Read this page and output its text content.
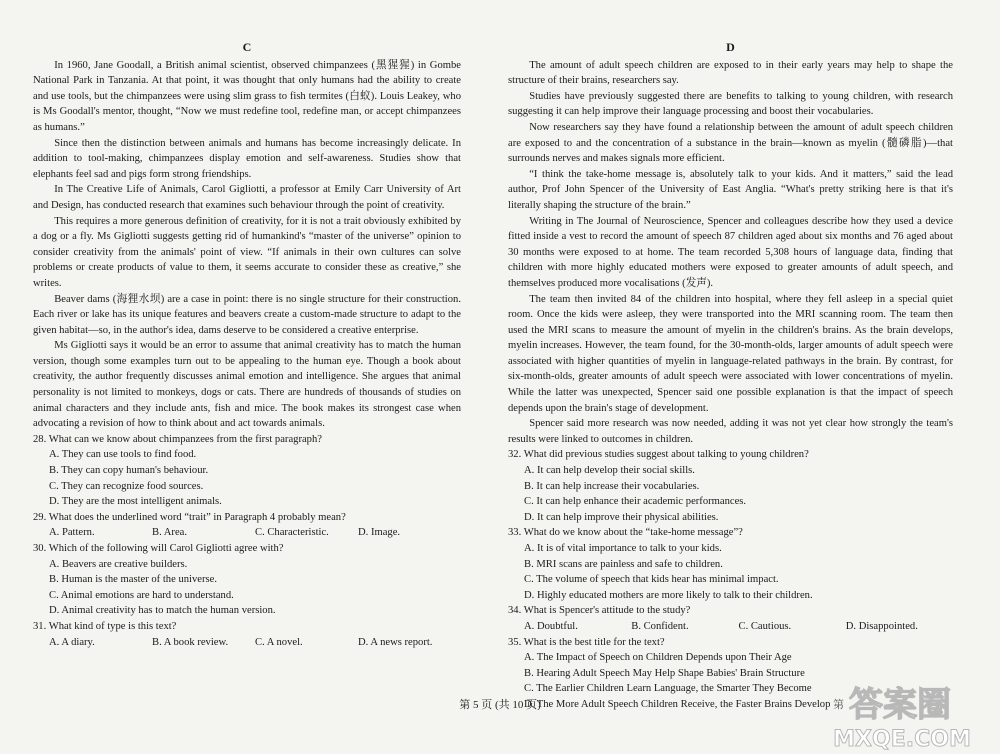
C

In 1960, Jane Goodall, a British animal scientist, observed chimpanzees (黑猩猩) in Gombe National Park in Tanzania. At that point, it was thought that only humans had the ability to create and use tools, but the chimpanzees were using slim grass to fish termites (白蚁). Louis Leakey, who is Ms Goodall's mentor, thought, “Now we must redefine tool, redefine man, or accept chimpanzees as humans.”

Since then the distinction between animals and humans has become increasingly delicate. In addition to tool-making, chimpanzees display emotion and self-awareness. Studies show that elephants feel sad and pigs form strong friendships.

In The Creative Life of Animals, Carol Gigliotti, a professor at Emily Carr University of Art and Design, has conducted research that examines such behaviour through the point of creativity.

This requires a more generous definition of creativity, for it is not a trait obviously exhibited by a dog or a fly. Ms Gigliotti suggests getting rid of humankind's “master of the universe” opinion to consider creativity from the animals' point of view. “If animals in their own cultures can solve problems or create products of value to them, it seems accurate to consider these as creative,” she writes.

Beaver dams (海狸水坝) are a case in point: there is no single structure for their construction. Each river or lake has its unique features and beavers create a custom-made structure to adapt to the given habitat—so, in the author's idea, dams deserve to be considered a creative enterprise.

Ms Gigliotti says it would be an error to assume that animal creativity has to match the human version, though some examples turn out to be appealing to the human eye. Though a book about creativity, the author frequently discusses animal emotion and intelligence. She argues that animal personality is not limited to monkeys, dogs or cats. There are hundreds of thousands of studies on animal characters and they include ants, fish and mice. The book makes its strongest case when advocating a revision of how to think about and act towards animals.

28. What can we know about chimpanzees from the first paragraph?

A. They can use tools to find food.

B. They can copy human's behaviour.

C. They can recognize food sources.

D. They are the most intelligent animals.

29. What does the underlined word “trait” in Paragraph 4 probably mean?

A. Pattern.	B. Area.	C. Characteristic.	D. Image.

30. Which of the following will Carol Gigliotti agree with?

A. Beavers are creative builders.

B. Human is the master of the universe.

C. Animal emotions are hard to understand.

D. Animal creativity has to match the human version.

31. What kind of type is this text?

A. A diary.	B. A book review.	C. A novel.	D. A news report.
D

The amount of adult speech children are exposed to in their early years may help to shape the structure of their brains, researchers say.

Studies have previously suggested there are benefits to talking to young children, with research suggesting it can help improve their language processing and boost their vocabularies.

Now researchers say they have found a relationship between the amount of adult speech children are exposed to and the concentration of a substance in the brain—known as myelin (髓磷脂)—that surrounds nerves and makes signals more efficient.

“I think the take-home message is, absolutely talk to your kids. And it matters,” said the lead author, Prof John Spencer of the University of East Anglia. “What's pretty striking here is that it's literally shaping the structure of the brain.”

Writing in The Journal of Neuroscience, Spencer and colleagues describe how they used a device fitted inside a vest to record the amount of speech 87 children aged about six months and 76 aged about 30 months were exposed to at home. The team recorded 5,308 hours of language data, finding that children with more highly educated mothers were exposed to greater amounts of adult speech, and themselves produced more vocalisations (发声).

The team then invited 84 of the children into hospital, where they fell asleep in a special quiet room. Once the kids were asleep, they were transported into the MRI scanning room. The team then used the MRI scans to measure the amount of myelin in the children's brains. As the brain develops, myelin increases. However, the team found, for the 30-month-olds, larger amounts of adult speech were associated with higher quantities of myelin in language-related pathways in the brain. By contrast, for six-month-olds, greater amounts of adult speech were associated with lower concentrations of myelin. While the latter was unexpected, Spencer said one possible explanation is that the impact of speech depends upon the brain's stage of development.

Spencer said more research was now needed, adding it was not yet clear how strongly the team's results were linked to outcomes in children.

32. What did previous studies suggest about talking to young children?

A. It can help develop their social skills.

B. It can help increase their vocabularies.

C. It can help enhance their academic performances.

D. It can help improve their physical abilities.

33. What do we know about the “take-home message”?

A. It is of vital importance to talk to your kids.

B. MRI scans are painless and safe to children.

C. The volume of speech that kids hear has minimal impact.

D. Highly educated mothers are more likely to talk to their children.

34. What is Spencer's attitude to the study?

A. Doubtful.	B. Confident.	C. Cautious.	D. Disappointed.

35. What is the best title for the text?

A. The Impact of Speech on Children Depends upon Their Age

B. Hearing Adult Speech May Help Shape Babies' Brain Structure

C. The Earlier Children Learn Language, the Smarter They Become

D. The More Adult Speech Children Receive, the Faster Brains Develop

第 5 页 (共 10 页)	第 答案圈
MXQE.COM
